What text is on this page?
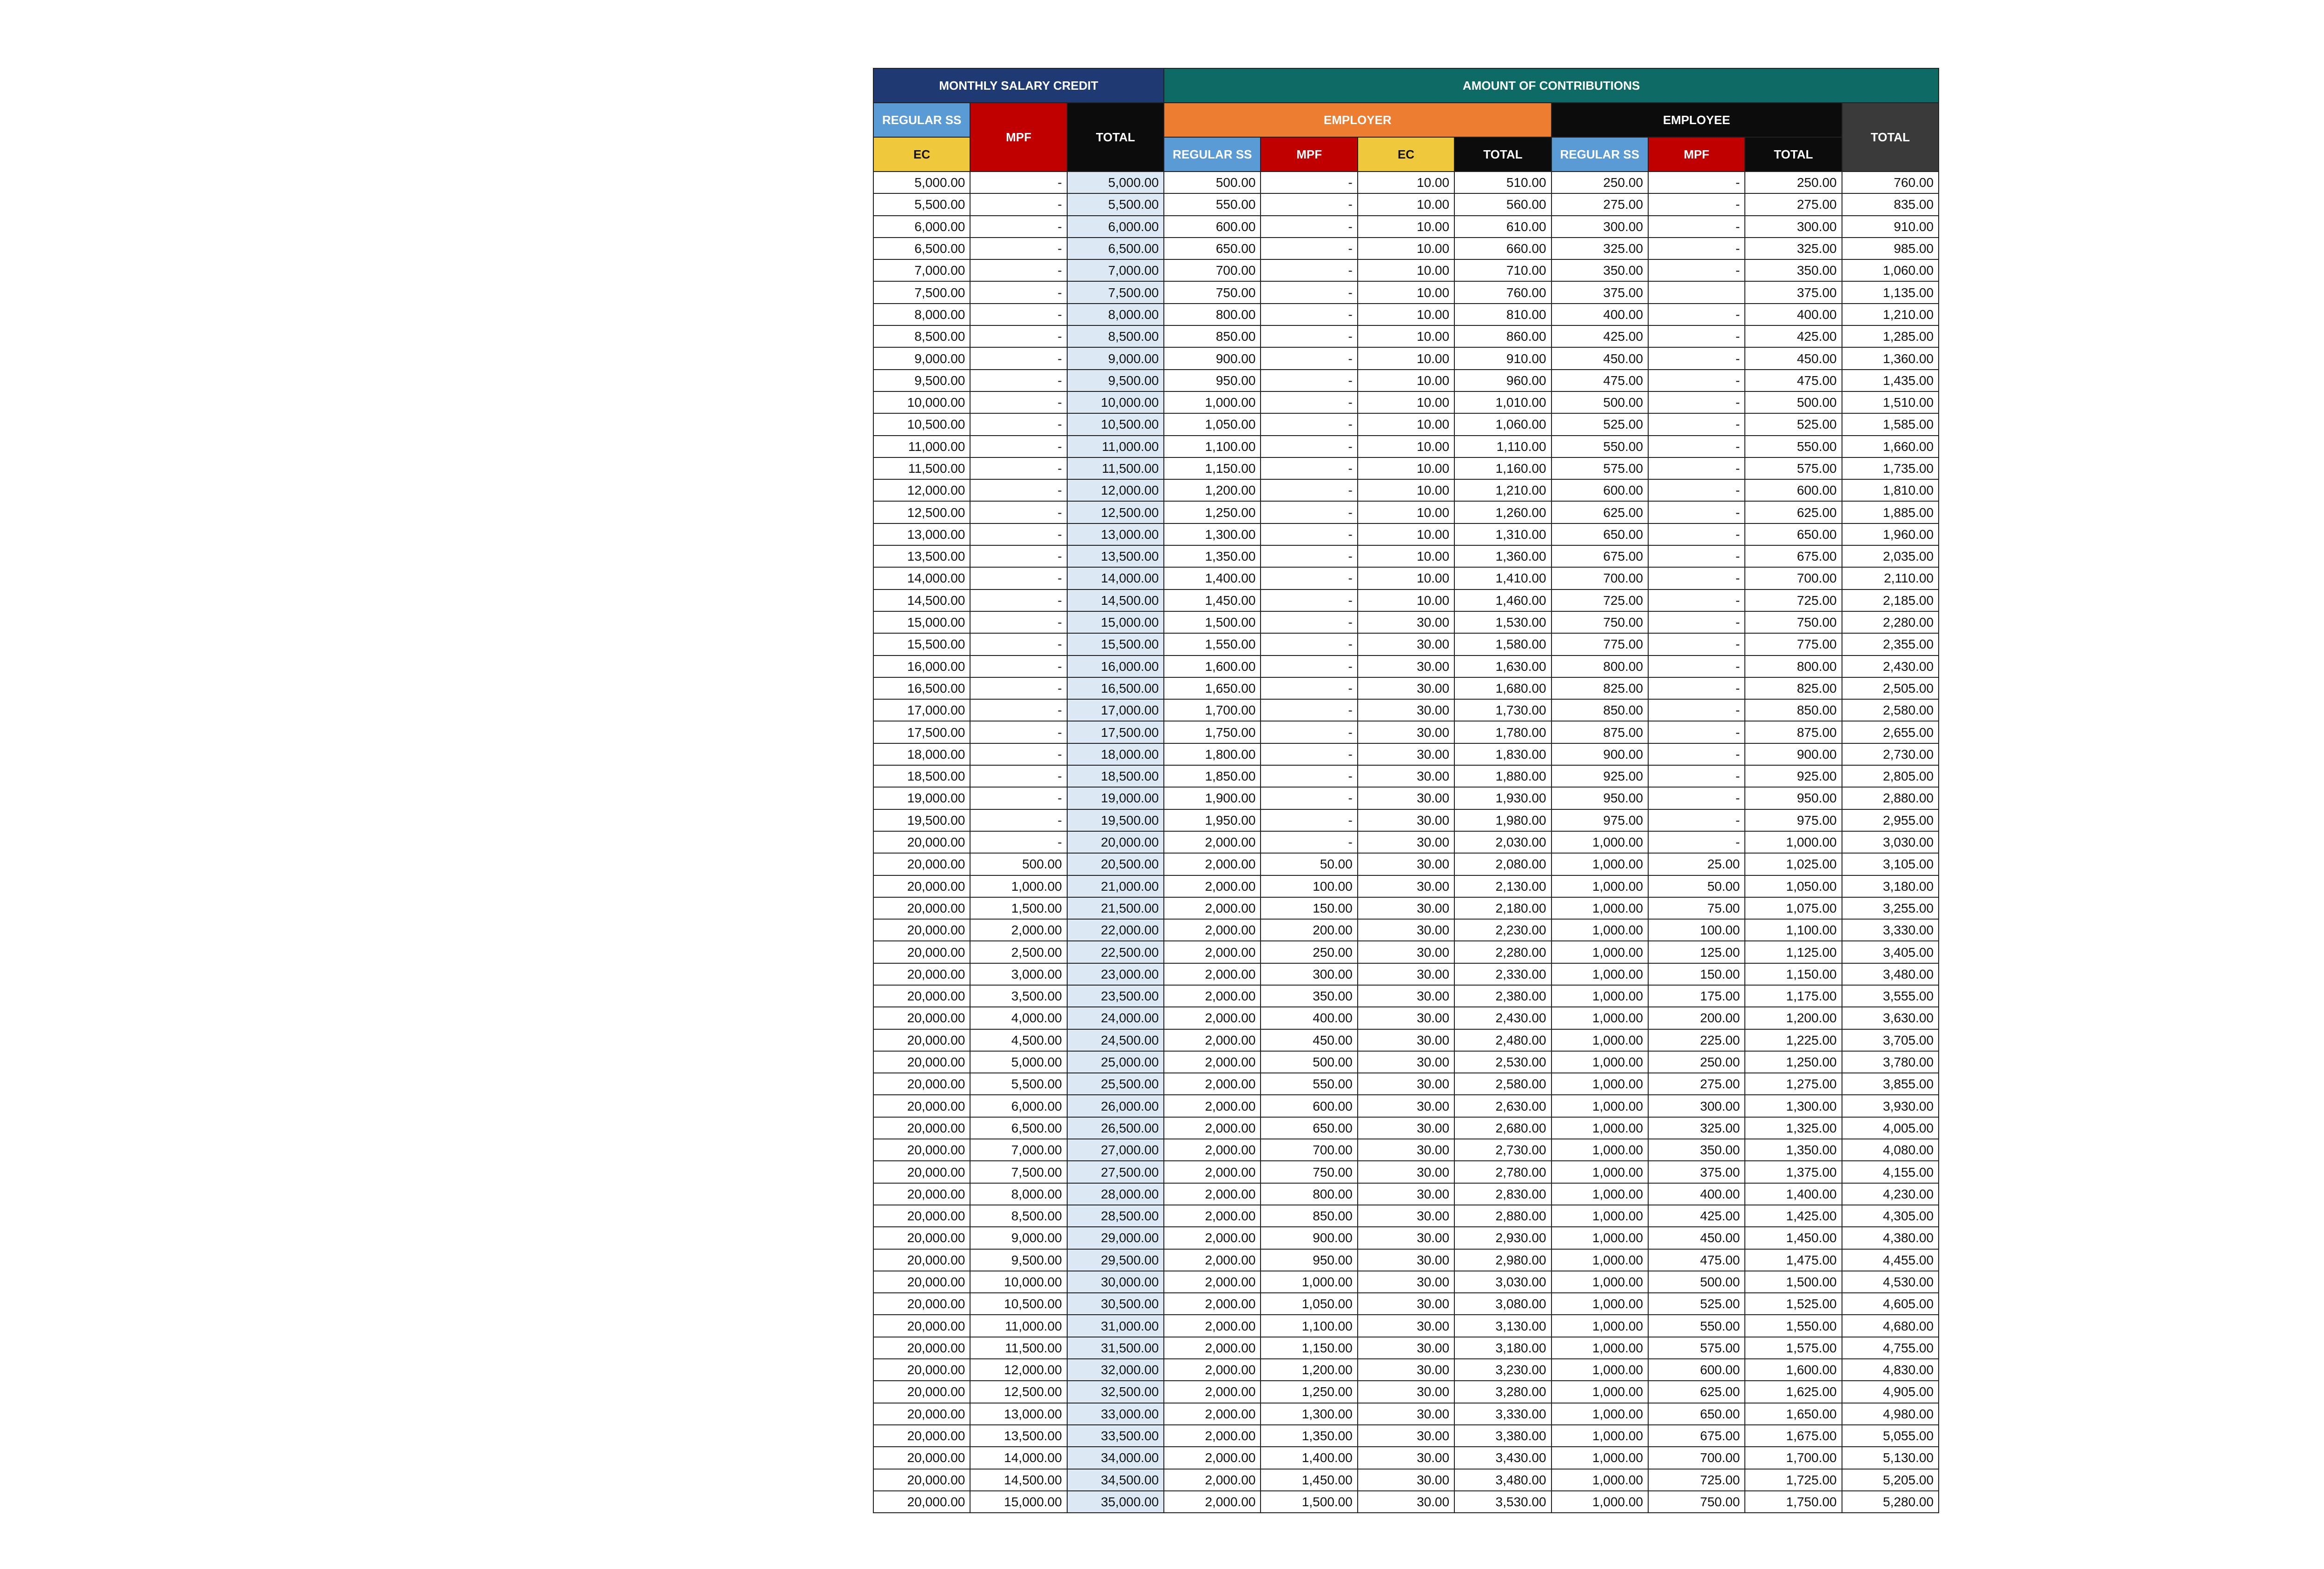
MONTHLY SALARY CREDIT			AMOUNT OF CONTRIBUTIONS							
REGULAR SS	MPF	TOTAL	EMPLOYER				EMPLOYEE			TOTAL
EC			REGULAR SS	MPF	EC	TOTAL	REGULAR SS	MPF	TOTAL	
5,000.00	-	5,000.00	500.00	-	10.00	510.00	250.00	-	250.00	760.00
5,500.00	-	5,500.00	550.00	-	10.00	560.00	275.00	-	275.00	835.00
6,000.00	-	6,000.00	600.00	-	10.00	610.00	300.00	-	300.00	910.00
6,500.00	-	6,500.00	650.00	-	10.00	660.00	325.00	-	325.00	985.00
7,000.00	-	7,000.00	700.00	-	10.00	710.00	350.00	-	350.00	1,060.00
7,500.00	-	7,500.00	750.00	-	10.00	760.00	375.00		375.00	1,135.00
8,000.00	-	8,000.00	800.00	-	10.00	810.00	400.00	-	400.00	1,210.00
8,500.00	-	8,500.00	850.00	-	10.00	860.00	425.00	-	425.00	1,285.00
9,000.00	-	9,000.00	900.00	-	10.00	910.00	450.00	-	450.00	1,360.00
9,500.00	-	9,500.00	950.00	-	10.00	960.00	475.00	-	475.00	1,435.00
10,000.00	-	10,000.00	1,000.00	-	10.00	1,010.00	500.00	-	500.00	1,510.00
10,500.00	-	10,500.00	1,050.00	-	10.00	1,060.00	525.00	-	525.00	1,585.00
11,000.00	-	11,000.00	1,100.00	-	10.00	1,110.00	550.00	-	550.00	1,660.00
11,500.00	-	11,500.00	1,150.00	-	10.00	1,160.00	575.00	-	575.00	1,735.00
12,000.00	-	12,000.00	1,200.00	-	10.00	1,210.00	600.00	-	600.00	1,810.00
12,500.00	-	12,500.00	1,250.00	-	10.00	1,260.00	625.00	-	625.00	1,885.00
13,000.00	-	13,000.00	1,300.00	-	10.00	1,310.00	650.00	-	650.00	1,960.00
13,500.00	-	13,500.00	1,350.00	-	10.00	1,360.00	675.00	-	675.00	2,035.00
14,000.00	-	14,000.00	1,400.00	-	10.00	1,410.00	700.00	-	700.00	2,110.00
14,500.00	-	14,500.00	1,450.00	-	10.00	1,460.00	725.00	-	725.00	2,185.00
15,000.00	-	15,000.00	1,500.00	-	30.00	1,530.00	750.00	-	750.00	2,280.00
15,500.00	-	15,500.00	1,550.00	-	30.00	1,580.00	775.00	-	775.00	2,355.00
16,000.00	-	16,000.00	1,600.00	-	30.00	1,630.00	800.00	-	800.00	2,430.00
16,500.00	-	16,500.00	1,650.00	-	30.00	1,680.00	825.00	-	825.00	2,505.00
17,000.00	-	17,000.00	1,700.00	-	30.00	1,730.00	850.00	-	850.00	2,580.00
17,500.00	-	17,500.00	1,750.00	-	30.00	1,780.00	875.00	-	875.00	2,655.00
18,000.00	-	18,000.00	1,800.00	-	30.00	1,830.00	900.00	-	900.00	2,730.00
18,500.00	-	18,500.00	1,850.00	-	30.00	1,880.00	925.00	-	925.00	2,805.00
19,000.00	-	19,000.00	1,900.00	-	30.00	1,930.00	950.00	-	950.00	2,880.00
19,500.00	-	19,500.00	1,950.00	-	30.00	1,980.00	975.00	-	975.00	2,955.00
20,000.00	-	20,000.00	2,000.00	-	30.00	2,030.00	1,000.00	-	1,000.00	3,030.00
20,000.00	500.00	20,500.00	2,000.00	50.00	30.00	2,080.00	1,000.00	25.00	1,025.00	3,105.00
20,000.00	1,000.00	21,000.00	2,000.00	100.00	30.00	2,130.00	1,000.00	50.00	1,050.00	3,180.00
20,000.00	1,500.00	21,500.00	2,000.00	150.00	30.00	2,180.00	1,000.00	75.00	1,075.00	3,255.00
20,000.00	2,000.00	22,000.00	2,000.00	200.00	30.00	2,230.00	1,000.00	100.00	1,100.00	3,330.00
20,000.00	2,500.00	22,500.00	2,000.00	250.00	30.00	2,280.00	1,000.00	125.00	1,125.00	3,405.00
20,000.00	3,000.00	23,000.00	2,000.00	300.00	30.00	2,330.00	1,000.00	150.00	1,150.00	3,480.00
20,000.00	3,500.00	23,500.00	2,000.00	350.00	30.00	2,380.00	1,000.00	175.00	1,175.00	3,555.00
20,000.00	4,000.00	24,000.00	2,000.00	400.00	30.00	2,430.00	1,000.00	200.00	1,200.00	3,630.00
20,000.00	4,500.00	24,500.00	2,000.00	450.00	30.00	2,480.00	1,000.00	225.00	1,225.00	3,705.00
20,000.00	5,000.00	25,000.00	2,000.00	500.00	30.00	2,530.00	1,000.00	250.00	1,250.00	3,780.00
20,000.00	5,500.00	25,500.00	2,000.00	550.00	30.00	2,580.00	1,000.00	275.00	1,275.00	3,855.00
20,000.00	6,000.00	26,000.00	2,000.00	600.00	30.00	2,630.00	1,000.00	300.00	1,300.00	3,930.00
20,000.00	6,500.00	26,500.00	2,000.00	650.00	30.00	2,680.00	1,000.00	325.00	1,325.00	4,005.00
20,000.00	7,000.00	27,000.00	2,000.00	700.00	30.00	2,730.00	1,000.00	350.00	1,350.00	4,080.00
20,000.00	7,500.00	27,500.00	2,000.00	750.00	30.00	2,780.00	1,000.00	375.00	1,375.00	4,155.00
20,000.00	8,000.00	28,000.00	2,000.00	800.00	30.00	2,830.00	1,000.00	400.00	1,400.00	4,230.00
20,000.00	8,500.00	28,500.00	2,000.00	850.00	30.00	2,880.00	1,000.00	425.00	1,425.00	4,305.00
20,000.00	9,000.00	29,000.00	2,000.00	900.00	30.00	2,930.00	1,000.00	450.00	1,450.00	4,380.00
20,000.00	9,500.00	29,500.00	2,000.00	950.00	30.00	2,980.00	1,000.00	475.00	1,475.00	4,455.00
20,000.00	10,000.00	30,000.00	2,000.00	1,000.00	30.00	3,030.00	1,000.00	500.00	1,500.00	4,530.00
20,000.00	10,500.00	30,500.00	2,000.00	1,050.00	30.00	3,080.00	1,000.00	525.00	1,525.00	4,605.00
20,000.00	11,000.00	31,000.00	2,000.00	1,100.00	30.00	3,130.00	1,000.00	550.00	1,550.00	4,680.00
20,000.00	11,500.00	31,500.00	2,000.00	1,150.00	30.00	3,180.00	1,000.00	575.00	1,575.00	4,755.00
20,000.00	12,000.00	32,000.00	2,000.00	1,200.00	30.00	3,230.00	1,000.00	600.00	1,600.00	4,830.00
20,000.00	12,500.00	32,500.00	2,000.00	1,250.00	30.00	3,280.00	1,000.00	625.00	1,625.00	4,905.00
20,000.00	13,000.00	33,000.00	2,000.00	1,300.00	30.00	3,330.00	1,000.00	650.00	1,650.00	4,980.00
20,000.00	13,500.00	33,500.00	2,000.00	1,350.00	30.00	3,380.00	1,000.00	675.00	1,675.00	5,055.00
20,000.00	14,000.00	34,000.00	2,000.00	1,400.00	30.00	3,430.00	1,000.00	700.00	1,700.00	5,130.00
20,000.00	14,500.00	34,500.00	2,000.00	1,450.00	30.00	3,480.00	1,000.00	725.00	1,725.00	5,205.00
20,000.00	15,000.00	35,000.00	2,000.00	1,500.00	30.00	3,530.00	1,000.00	750.00	1,750.00	5,280.00
